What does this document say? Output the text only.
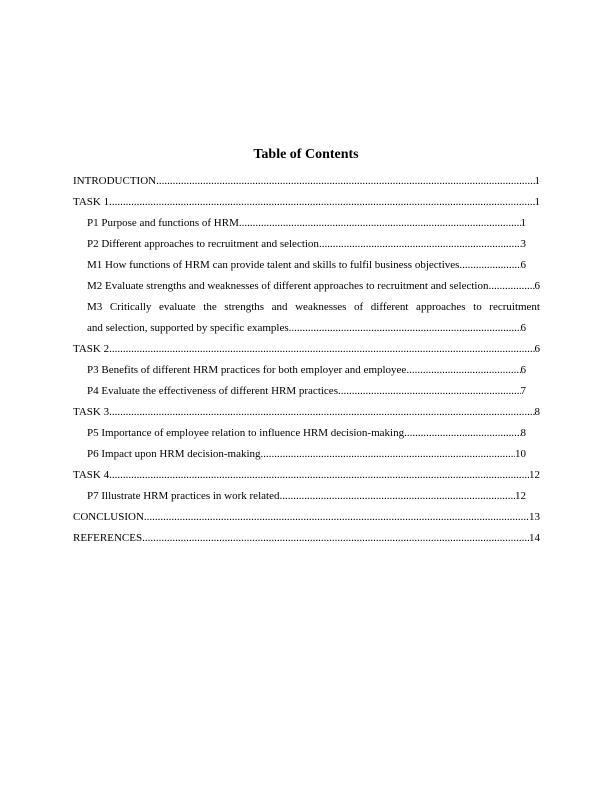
Table of Contents
INTRODUCTION .....	1
TASK 1 .....	1
P1 Purpose and functions of HRM .....	1
P2 Different approaches to recruitment and selection .....	3
M1 How functions of HRM can provide talent and skills to fulfil business objectives. .....	6
M2 Evaluate strengths and weaknesses of different approaches to recruitment and selection .....	6
M3 Critically evaluate the strengths and weaknesses of different approaches to recruitment
and selection, supported by specific examples. .....	6
TASK 2 .....	6
P3 Benefits of different HRM practices for both employer and employee .....	6
P4 Evaluate the effectiveness of different HRM practices .....	7
TASK 3 .....	8
P5 Importance of employee relation to influence HRM decision-making. .....	8
P6 Impact upon HRM decision-making .....	10
TASK 4 .....	12
P7 Illustrate HRM practices in work related. .....	12
CONCLUSION .....	13
REFERENCES .....	14
